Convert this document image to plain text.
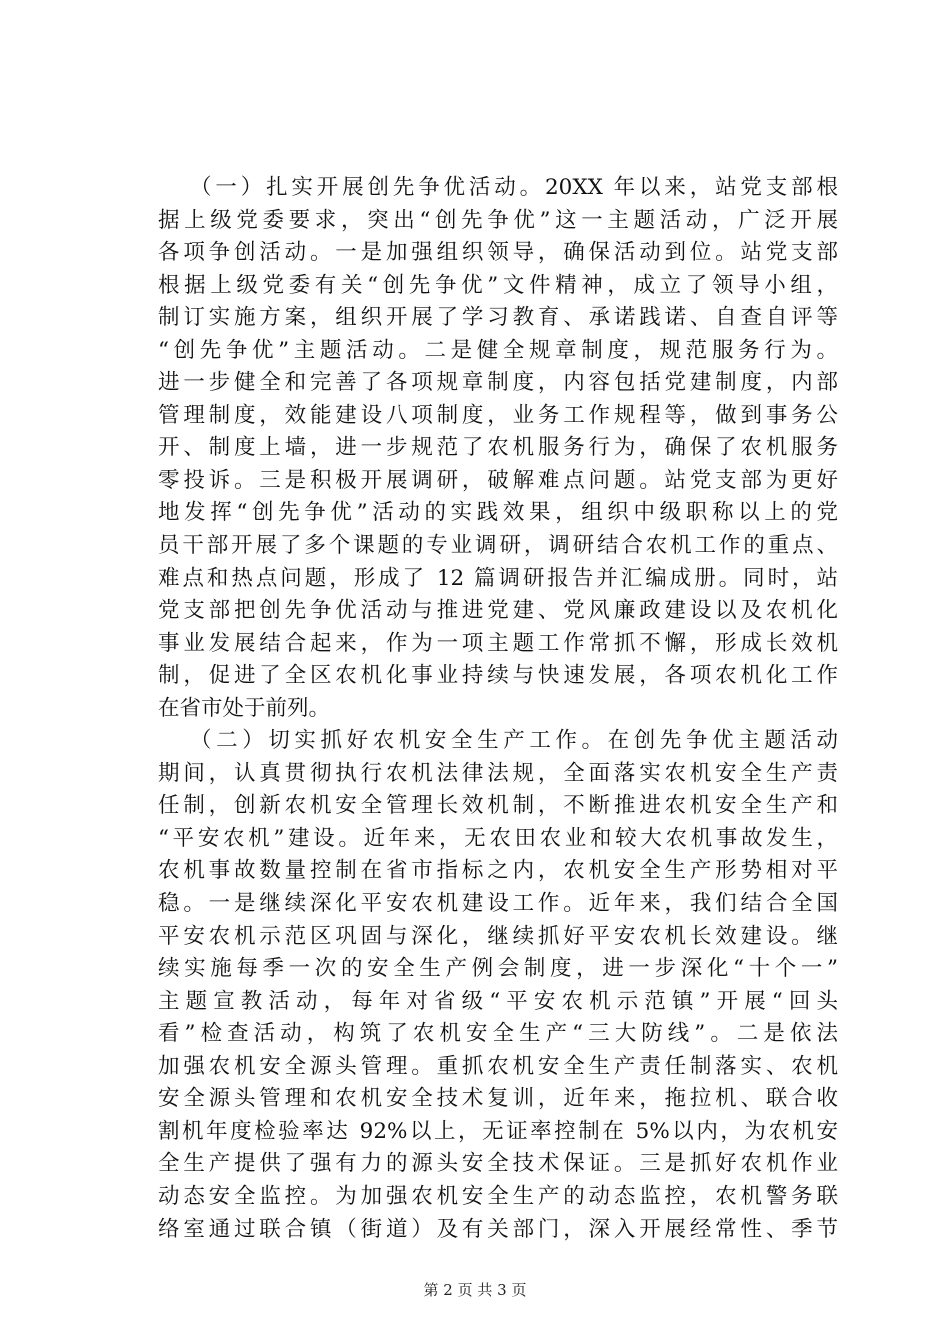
（一）扎实开展创先争优活动。20XX 年以来，站党支部根
据上级党委要求，突出“创先争优”这一主题活动，广泛开展
各项争创活动。一是加强组织领导，确保活动到位。站党支部
根据上级党委有关“创先争优”文件精神，成立了领导小组，
制订实施方案，组织开展了学习教育、承诺践诺、自查自评等
“创先争优”主题活动。二是健全规章制度，规范服务行为。
进一步健全和完善了各项规章制度，内容包括党建制度，内部
管理制度，效能建设八项制度，业务工作规程等，做到事务公
开、制度上墙，进一步规范了农机服务行为，确保了农机服务
零投诉。三是积极开展调研，破解难点问题。站党支部为更好
地发挥“创先争优”活动的实践效果，组织中级职称以上的党
员干部开展了多个课题的专业调研，调研结合农机工作的重点、
难点和热点问题，形成了 12 篇调研报告并汇编成册。同时，站
党支部把创先争优活动与推进党建、党风廉政建设以及农机化
事业发展结合起来，作为一项主题工作常抓不懈，形成长效机
制，促进了全区农机化事业持续与快速发展，各项农机化工作
在省市处于前列。
（二）切实抓好农机安全生产工作。在创先争优主题活动
期间，认真贯彻执行农机法律法规，全面落实农机安全生产责
任制，创新农机安全管理长效机制，不断推进农机安全生产和
“平安农机”建设。近年来，无农田农业和较大农机事故发生，
农机事故数量控制在省市指标之内，农机安全生产形势相对平
稳。一是继续深化平安农机建设工作。近年来，我们结合全国
平安农机示范区巩固与深化，继续抓好平安农机长效建设。继
续实施每季一次的安全生产例会制度，进一步深化“十个一”
主题宣教活动，每年对省级“平安农机示范镇”开展“回头
看”检查活动，构筑了农机安全生产“三大防线”。二是依法
加强农机安全源头管理。重抓农机安全生产责任制落实、农机
安全源头管理和农机安全技术复训，近年来，拖拉机、联合收
割机年度检验率达 92%以上，无证率控制在 5%以内，为农机安
全生产提供了强有力的源头安全技术保证。三是抓好农机作业
动态安全监控。为加强农机安全生产的动态监控，农机警务联
络室通过联合镇（街道）及有关部门，深入开展经常性、季节
第 2 页 共 3 页
